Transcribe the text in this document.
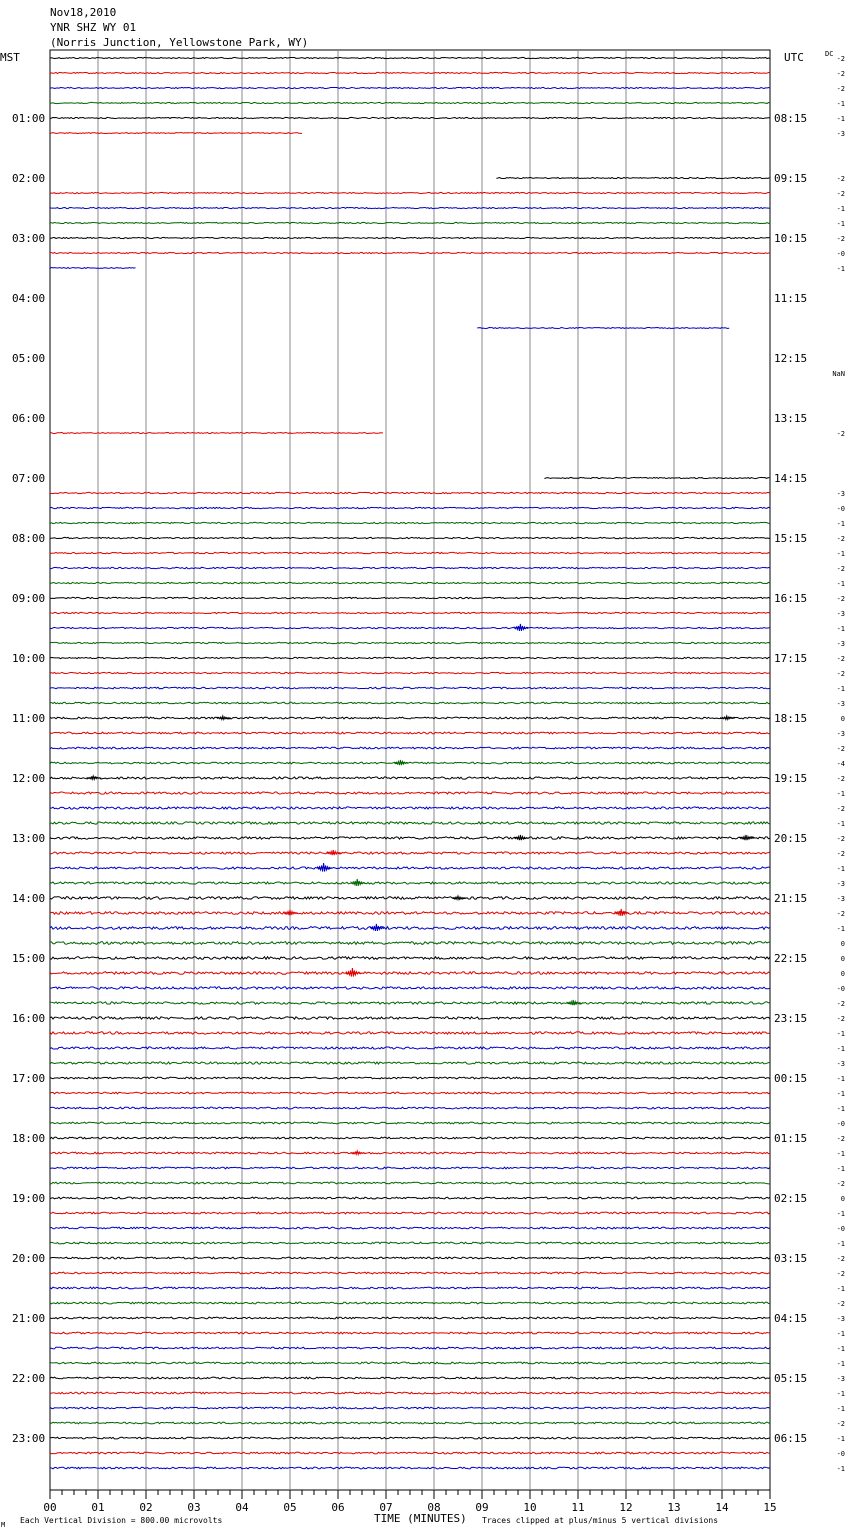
Nov18,2010
YNR SHZ WY 01
(Norris Junction, Yellowstone Park, WY)
MST	UTC	DC
01:00
02:00
03:00
04:00
05:00
06:00
07:00
08:00
09:00
10:00
11:00
12:00
13:00
14:00
15:00
16:00
17:00
18:00
19:00
20:00
21:00
22:00
23:00
08:15
09:15
10:15
11:15
12:15
13:15
14:15
15:15
16:15
17:15
18:15
19:15
20:15
21:15
22:15
23:15
00:15
01:15
02:15
03:15
04:15
05:15
06:15
-2
-2
-2
-1
-1
-3
-2
-2
-1
-1
-2
-0
-1
-2
-3
-0
-1
-2
-1
-2
-1
-2
-3
-1
-3
-2
-2
-1
-3
0
-3
-2
-4
-2
-1
-2
-1
-2
-2
-1
-3
-3
-2
-1
0
0
0
-0
-2
-2
-1
-1
-3
-1
-1
-1
-0
-2
-1
-1
-2
0
-1
-0
-1
-2
-2
-1
-2
-3
-1
-1
-1
-3
-1
-1
-2
-1
-0
-1
NaN
00	01	02	03	04	05	06	07	08	09	10	11	12	13	14	15
TIME (MINUTES)
Each Vertical Division = 800.00 microvolts	Traces clipped at plus/minus 5 vertical divisions
M
